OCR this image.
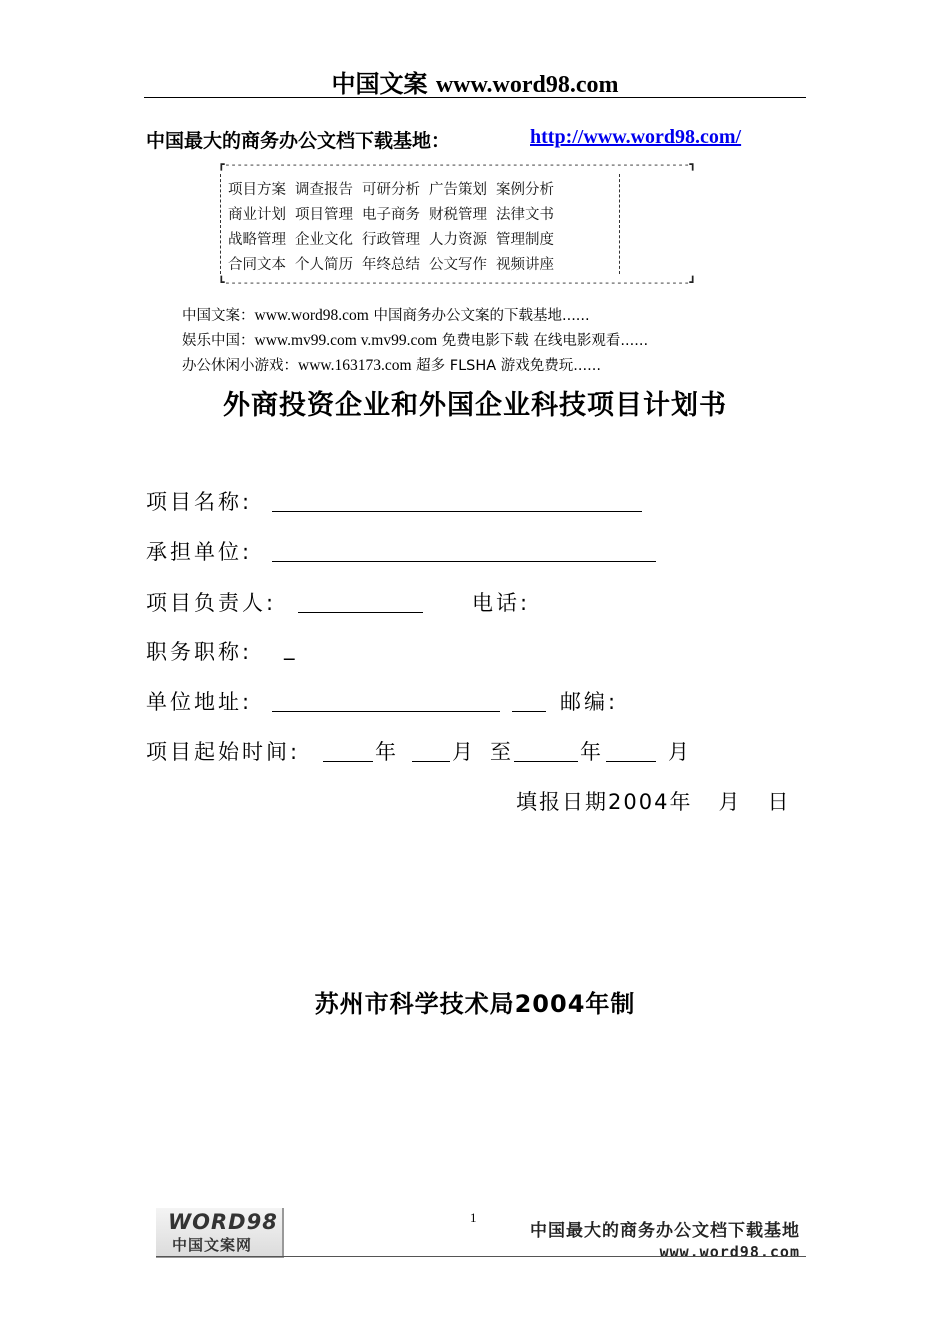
中国文案 www.word98.com
中国最大的商务办公文档下载基地：	http://www.word98.com/
┏----------------------------------------------------------------------------┓
项目方案 调查报告 可研分析 广告策划 案例分析
商业计划 项目管理 电子商务 财税管理 法律文书
战略管理 企业文化 行政管理 人力资源 管理制度
合同文本 个人简历 年终总结 公文写作 视频讲座
┗----------------------------------------------------------------------------┛
中国文案：www.word98.com 中国商务办公文案的下载基地......
娱乐中国：www.mv99.com v.mv99.com 免费电影下载 在线电影观看......
办公休闲小游戏：www.163173.com 超多 FLSHA 游戏免费玩......
外商投资企业和外国企业科技项目计划书
项目名称:
承担单位:
项目负责人:	电话:
职务职称: _
单位地址:	邮编:
项目起始时间:	年	月 至	年	月
填报日期2004年   月   日
苏州市科学技术局2004年制
1
WORD98
中国文案网
中国最大的商务办公文档下载基地
www.word98.com
